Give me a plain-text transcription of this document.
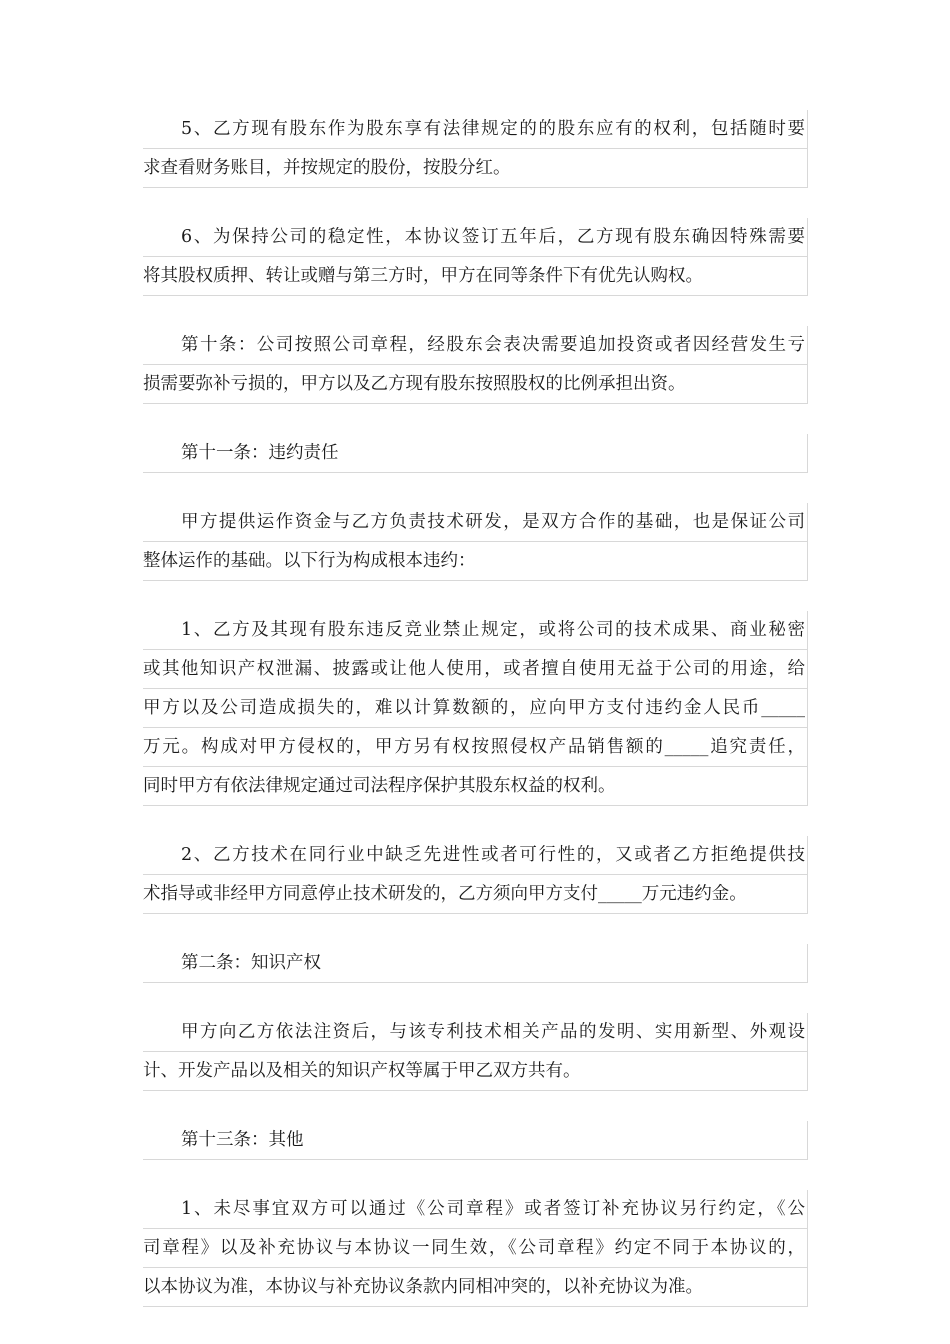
5、乙方现有股东作为股东享有法律规定的的股东应有的权利，包括随时要
求查看财务账目，并按规定的股份，按股分红。
6、为保持公司的稳定性，本协议签订五年后，乙方现有股东确因特殊需要
将其股权质押、转让或赠与第三方时，甲方在同等条件下有优先认购权。
第十条：公司按照公司章程，经股东会表决需要追加投资或者因经营发生亏
损需要弥补亏损的，甲方以及乙方现有股东按照股权的比例承担出资。
第十一条：违约责任
甲方提供运作资金与乙方负责技术研发，是双方合作的基础，也是保证公司
整体运作的基础。以下行为构成根本违约：
1、乙方及其现有股东违反竞业禁止规定，或将公司的技术成果、商业秘密
或其他知识产权泄漏、披露或让他人使用，或者擅自使用无益于公司的用途，给
甲方以及公司造成损失的，难以计算数额的，应向甲方支付违约金人民币_____
万元。构成对甲方侵权的，甲方另有权按照侵权产品销售额的_____追究责任，
同时甲方有依法律规定通过司法程序保护其股东权益的权利。
2、乙方技术在同行业中缺乏先进性或者可行性的，又或者乙方拒绝提供技
术指导或非经甲方同意停止技术研发的，乙方须向甲方支付_____万元违约金。
第二条：知识产权
甲方向乙方依法注资后，与该专利技术相关产品的发明、实用新型、外观设
计、开发产品以及相关的知识产权等属于甲乙双方共有。
第十三条：其他
1、未尽事宜双方可以通过《公司章程》或者签订补充协议另行约定，《公
司章程》以及补充协议与本协议一同生效，《公司章程》约定不同于本协议的，
以本协议为准，本协议与补充协议条款内同相冲突的，以补充协议为准。
